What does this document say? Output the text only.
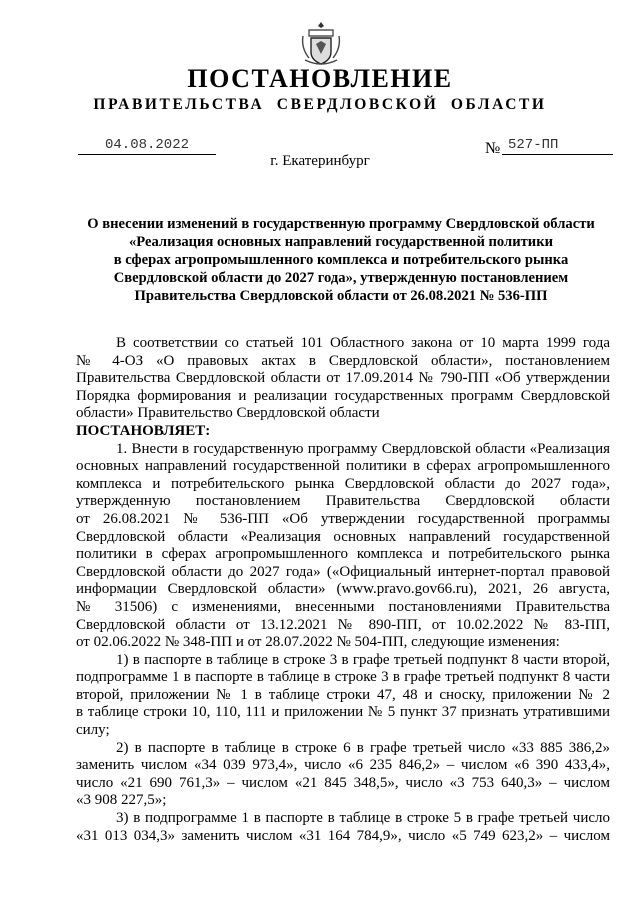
ПОСТАНОВЛЕНИЕ
ПРАВИТЕЛЬСТВА СВЕРДЛОВСКОЙ ОБЛАСТИ
04.08.2022	№ 527-ПП
г. Екатеринбург
О внесении изменений в государственную программу Свердловской области
«Реализация основных направлений государственной политики
в сферах агропромышленного комплекса и потребительского рынка
Свердловской области до 2027 года», утвержденную постановлением
Правительства Свердловской области от 26.08.2021 № 536-ПП
В соответствии со статьей 101 Областного закона от 10 марта 1999 года
№ 4-ОЗ «О правовых актах в Свердловской области», постановлением
Правительства Свердловской области от 17.09.2014 № 790-ПП «Об утверждении
Порядка формирования и реализации государственных программ Свердловской
области» Правительство Свердловской области
ПОСТАНОВЛЯЕТ:
1. Внести в государственную программу Свердловской области «Реализация
основных направлений государственной политики в сферах агропромышленного
комплекса и потребительского рынка Свердловской области до 2027 года»,
утвержденную постановлением Правительства Свердловской области
от 26.08.2021 № 536-ПП «Об утверждении государственной программы
Свердловской области «Реализация основных направлений государственной
политики в сферах агропромышленного комплекса и потребительского рынка
Свердловской области до 2027 года» («Официальный интернет-портал правовой
информации Свердловской области» (www.pravo.gov66.ru), 2021, 26 августа,
№ 31506) с изменениями, внесенными постановлениями Правительства
Свердловской области от 13.12.2021 № 890-ПП, от 10.02.2022 № 83-ПП,
от 02.06.2022 № 348-ПП и от 28.07.2022 № 504-ПП, следующие изменения:
1) в паспорте в таблице в строке 3 в графе третьей подпункт 8 части второй,
подпрограмме 1 в паспорте в таблице в строке 3 в графе третьей подпункт 8 части
второй, приложении № 1 в таблице строки 47, 48 и сноску, приложении № 2
в таблице строки 10, 110, 111 и приложении № 5 пункт 37 признать утратившими
силу;
2) в паспорте в таблице в строке 6 в графе третьей число «33 885 386,2»
заменить числом «34 039 973,4», число «6 235 846,2» – числом «6 390 433,4»,
число «21 690 761,3» – числом «21 845 348,5», число «3 753 640,3» – числом
«3 908 227,5»;
3) в подпрограмме 1 в паспорте в таблице в строке 5 в графе третьей число
«31 013 034,3» заменить числом «31 164 784,9», число «5 749 623,2» – числом
